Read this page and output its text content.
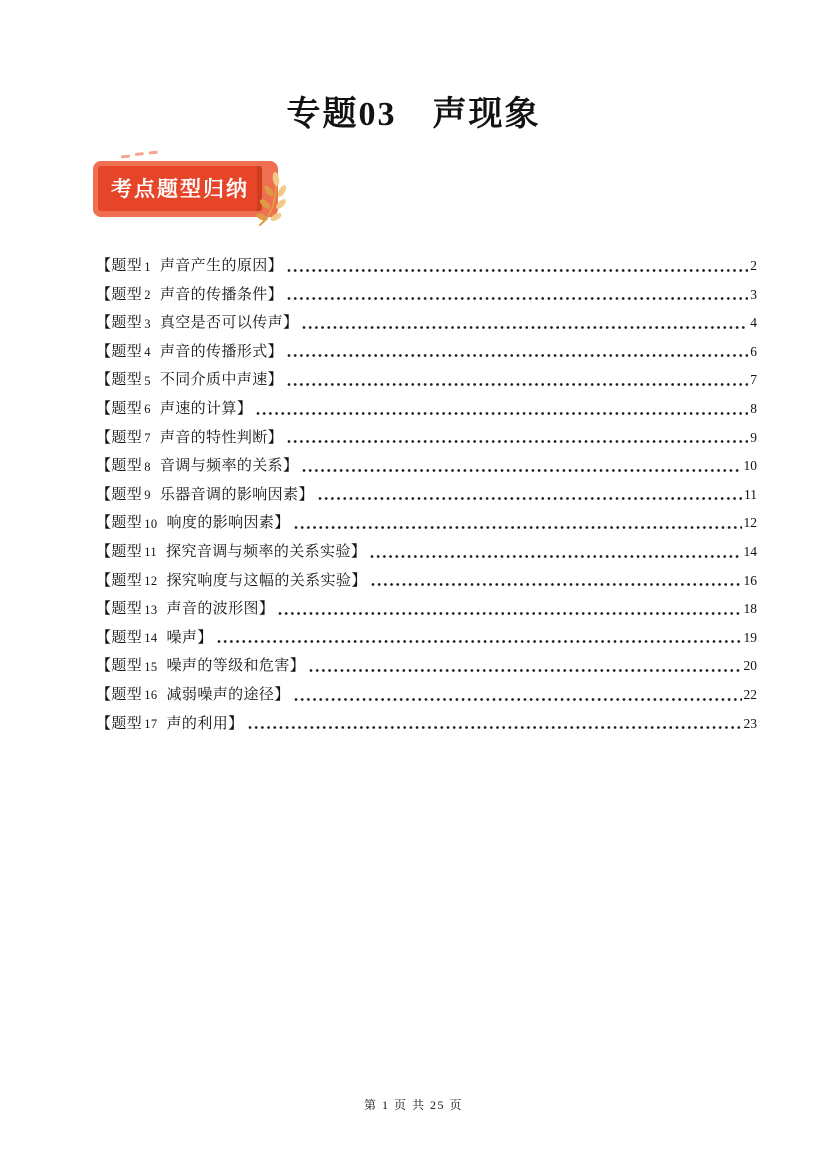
专题03　声现象
考点题型归纳
【题型 1 声音产生的原因】	2
【题型 2 声音的传播条件】	3
【题型 3 真空是否可以传声】	4
【题型 4 声音的传播形式】	6
【题型 5 不同介质中声速】	7
【题型 6 声速的计算】	8
【题型 7 声音的特性判断】	9
【题型 8 音调与频率的关系】	10
【题型 9 乐器音调的影响因素】	11
【题型 10 响度的影响因素】	12
【题型 11 探究音调与频率的关系实验】	14
【题型 12 探究响度与这幅的关系实验】	16
【题型 13 声音的波形图】	18
【题型 14 噪声】	19
【题型 15 噪声的等级和危害】	20
【题型 16 减弱噪声的途径】	22
【题型 17 声的利用】	23
第 1 页 共 25 页
